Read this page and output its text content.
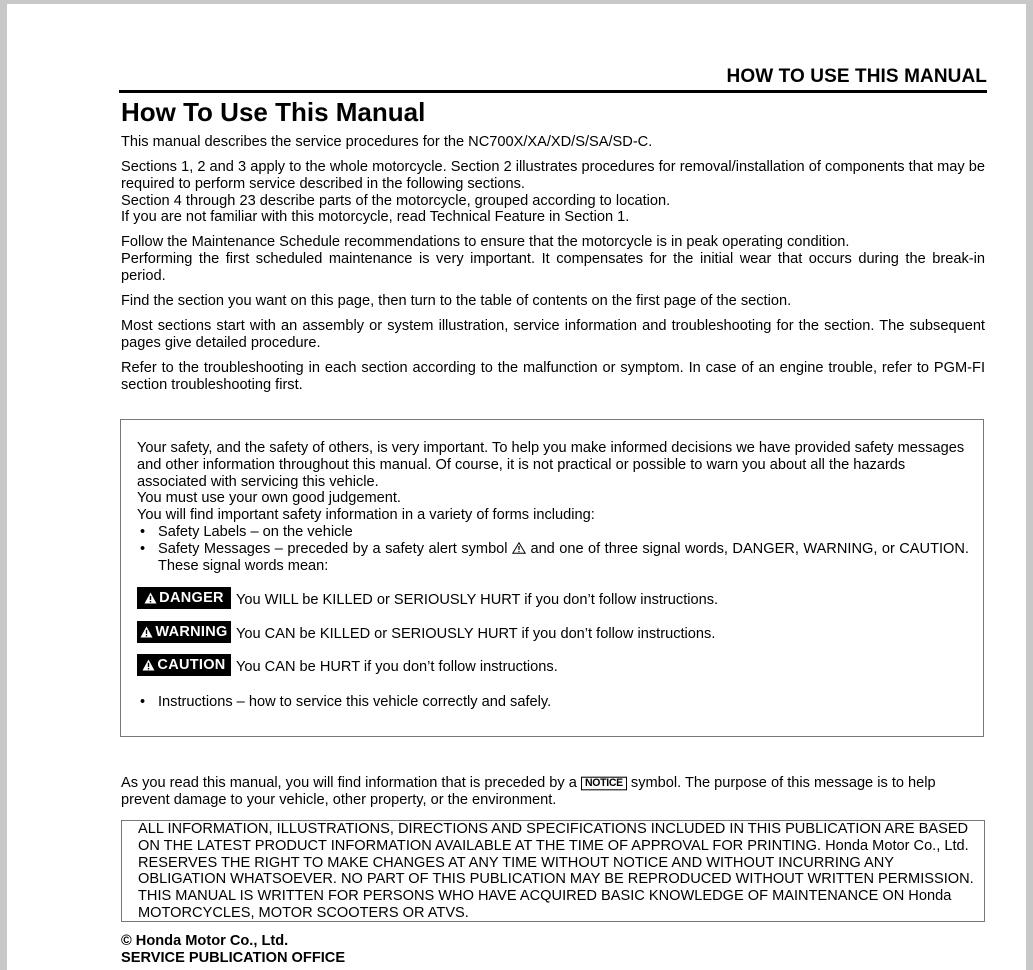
HOW TO USE THIS MANUAL
How To Use This Manual

This manual describes the service procedures for the NC700X/XA/XD/S/SA/SD-C.

Sections 1, 2 and 3 apply to the whole motorcycle. Section 2 illustrates procedures for removal/installation of components that may be required to perform service described in the following sections.

Section 4 through 23 describe parts of the motorcycle, grouped according to location.

If you are not familiar with this motorcycle, read Technical Feature in Section 1.

Follow the Maintenance Schedule recommendations to ensure that the motorcycle is in peak operating condition.

Performing the first scheduled maintenance is very important. It compensates for the initial wear that occurs during the break-in period.

Find the section you want on this page, then turn to the table of contents on the first page of the section.

Most sections start with an assembly or system illustration, service information and troubleshooting for the section. The subsequent pages give detailed procedure.

Refer to the troubleshooting in each section according to the malfunction or symptom. In case of an engine trouble, refer to PGM-FI section troubleshooting first.

Your safety, and the safety of others, is very important. To help you make informed decisions we have provided safety messages and other information throughout this manual. Of course, it is not practical or possible to warn you about all the hazards associated with servicing this vehicle.

You must use your own good judgement.

You will find important safety information in a variety of forms including:

• Safety Labels – on the vehicle
• Safety Messages – preceded by a safety alert symbol and one of three signal words, DANGER, WARNING, or CAUTION. These signal words mean:
DANGER You WILL be KILLED or SERIOUSLY HURT if you don’t follow instructions.
WARNING You CAN be KILLED or SERIOUSLY HURT if you don’t follow instructions.
CAUTION You CAN be HURT if you don’t follow instructions.
• Instructions – how to service this vehicle correctly and safely.
As you read this manual, you will find information that is preceded by a NOTICE symbol. The purpose of this message is to help prevent damage to your vehicle, other property, or the environment.

ALL INFORMATION, ILLUSTRATIONS, DIRECTIONS AND SPECIFICATIONS INCLUDED IN THIS PUBLICATION ARE BASED ON THE LATEST PRODUCT INFORMATION AVAILABLE AT THE TIME OF APPROVAL FOR PRINTING. Honda Motor Co., Ltd. RESERVES THE RIGHT TO MAKE CHANGES AT ANY TIME WITHOUT NOTICE AND WITHOUT INCURRING ANY OBLIGATION WHATSOEVER. NO PART OF THIS PUBLICATION MAY BE REPRODUCED WITHOUT WRITTEN PERMISSION. THIS MANUAL IS WRITTEN FOR PERSONS WHO HAVE ACQUIRED BASIC KNOWLEDGE OF MAINTENANCE ON Honda MOTORCYCLES, MOTOR SCOOTERS OR ATVS.

© Honda Motor Co., Ltd.
SERVICE PUBLICATION OFFICE
